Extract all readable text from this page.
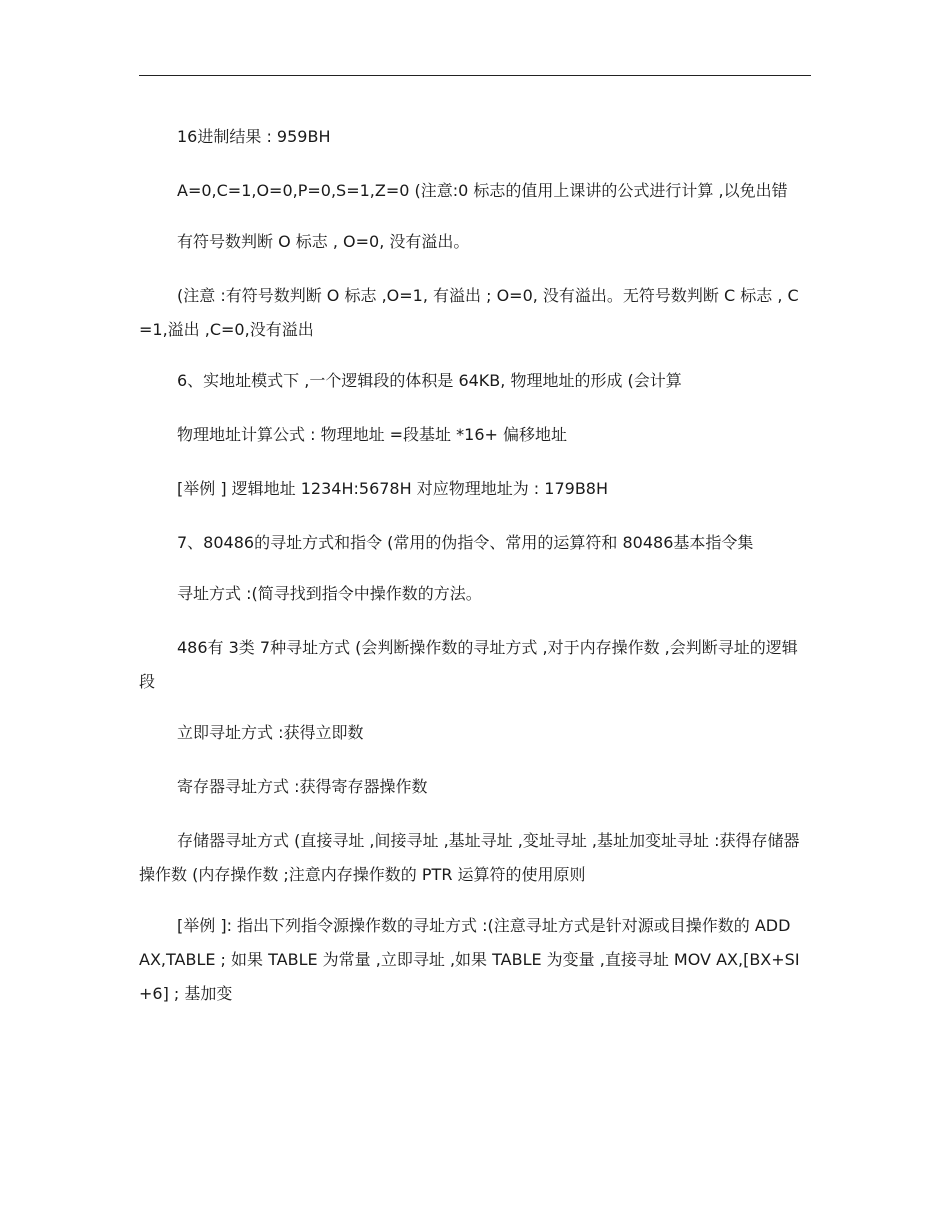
16进制结果 : 959BH

A=0,C=1,O=0,P=0,S=1,Z=0 (注意:0 标志的值用上课讲的公式进行计算 ,以免出错

有符号数判断 O 标志 , O=0, 没有溢出。

(注意 :有符号数判断 O 标志 ,O=1, 有溢出 ; O=0, 没有溢出。无符号数判断 C 标志 , C=1,溢出 ,C=0,没有溢出

6、实地址模式下 ,一个逻辑段的体积是 64KB, 物理地址的形成 (会计算

物理地址计算公式 : 物理地址 =段基址 *16+ 偏移地址

[举例 ] 逻辑地址 1234H:5678H 对应物理地址为 : 179B8H

7、80486的寻址方式和指令 (常用的伪指令、常用的运算符和 80486基本指令集

寻址方式 :(简寻找到指令中操作数的方法。

486有 3类 7种寻址方式 (会判断操作数的寻址方式 ,对于内存操作数 ,会判断寻址的逻辑段

立即寻址方式 :获得立即数

寄存器寻址方式 :获得寄存器操作数

存储器寻址方式 (直接寻址 ,间接寻址 ,基址寻址 ,变址寻址 ,基址加变址寻址 :获得存储器操作数 (内存操作数 ;注意内存操作数的 PTR 运算符的使用原则

[举例 ]: 指出下列指令源操作数的寻址方式 :(注意寻址方式是针对源或目操作数的 ADD AX,TABLE ; 如果 TABLE 为常量 ,立即寻址 ,如果 TABLE 为变量 ,直接寻址 MOV AX,[BX+SI+6] ; 基加变
